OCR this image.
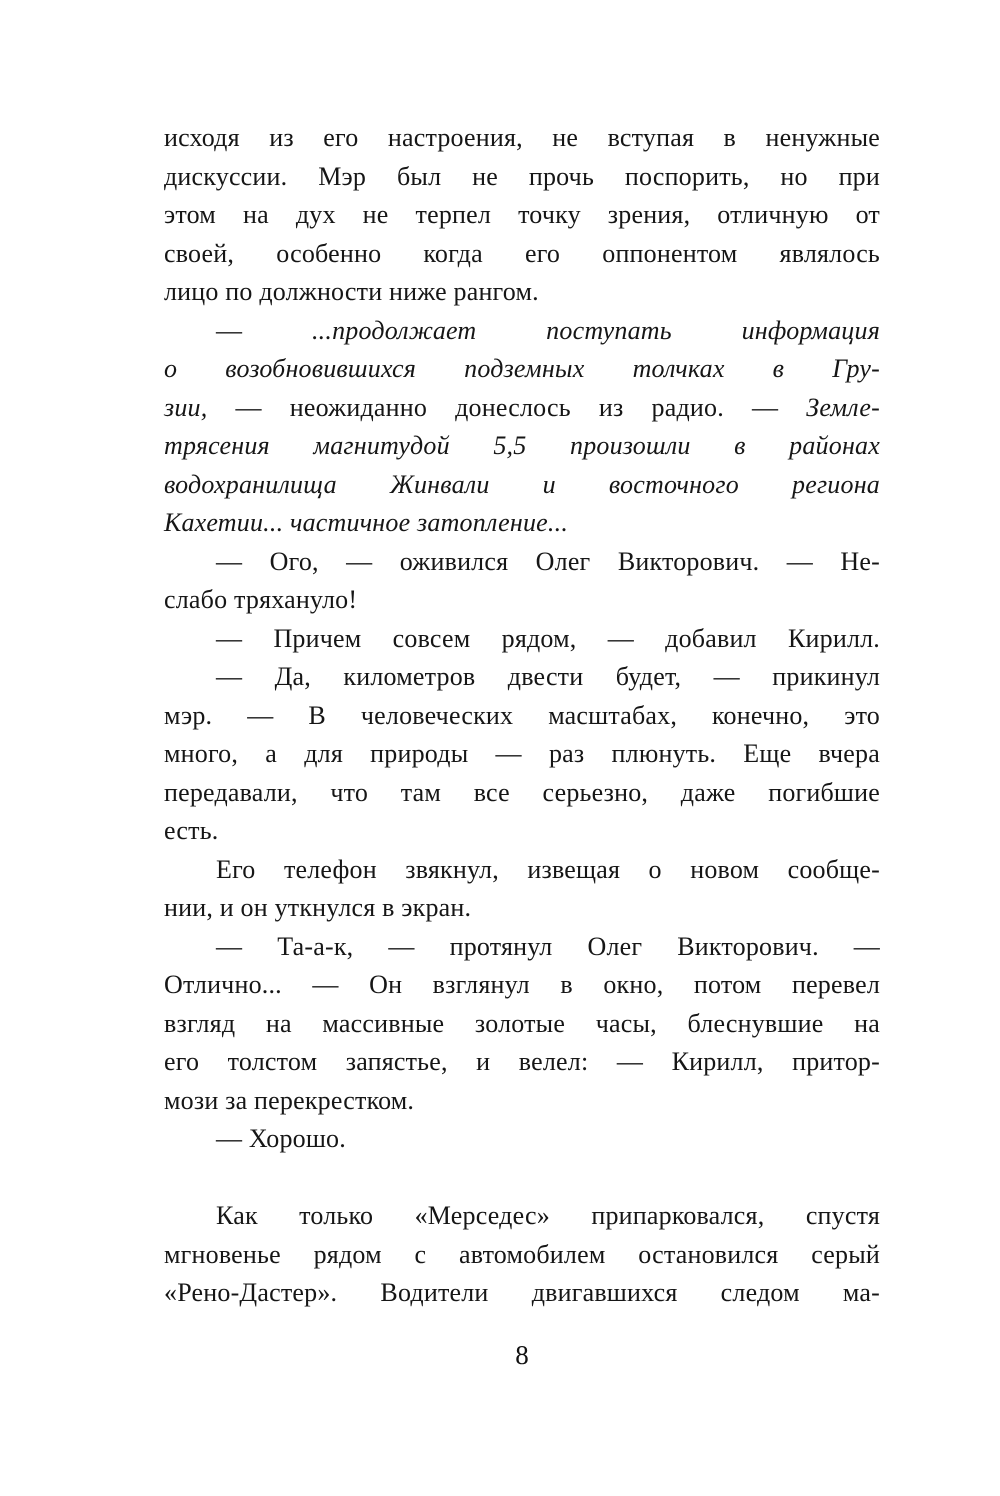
исходя из его настроения, не вступая в ненужные
дискуссии. Мэр был не прочь поспорить, но при
этом на дух не терпел точку зрения, отличную от
своей, особенно когда его оппонентом являлось
лицо по должности ниже рангом.
— ...продолжает поступать информация
о возобновившихся подземных толчках в Гру-
зии, — неожиданно донеслось из радио. — Земле-
трясения магнитудой 5,5 произошли в районах
водохранилища Жинвали и восточного региона
Кахетии... частичное затопление...
— Ого, — оживился Олег Викторович. — Не-
слабо тряхануло!
— Причем совсем рядом, — добавил Кирилл.
— Да, километров двести будет, — прикинул
мэр. — В человеческих масштабах, конечно, это
много, а для природы — раз плюнуть. Еще вчера
передавали, что там все серьезно, даже погибшие
есть.
Его телефон звякнул, извещая о новом сообще-
нии, и он уткнулся в экран.
— Та-а-к, — протянул Олег Викторович. —
Отлично... — Он взглянул в окно, потом перевел
взгляд на массивные золотые часы, блеснувшие на
его толстом запястье, и велел: — Кирилл, притор-
мози за перекрестком.
— Хорошо.
Как только «Мерседес» припарковался, спустя
мгновенье рядом с автомобилем остановился серый
«Рено-Дастер». Водители двигавшихся следом ма-
8
